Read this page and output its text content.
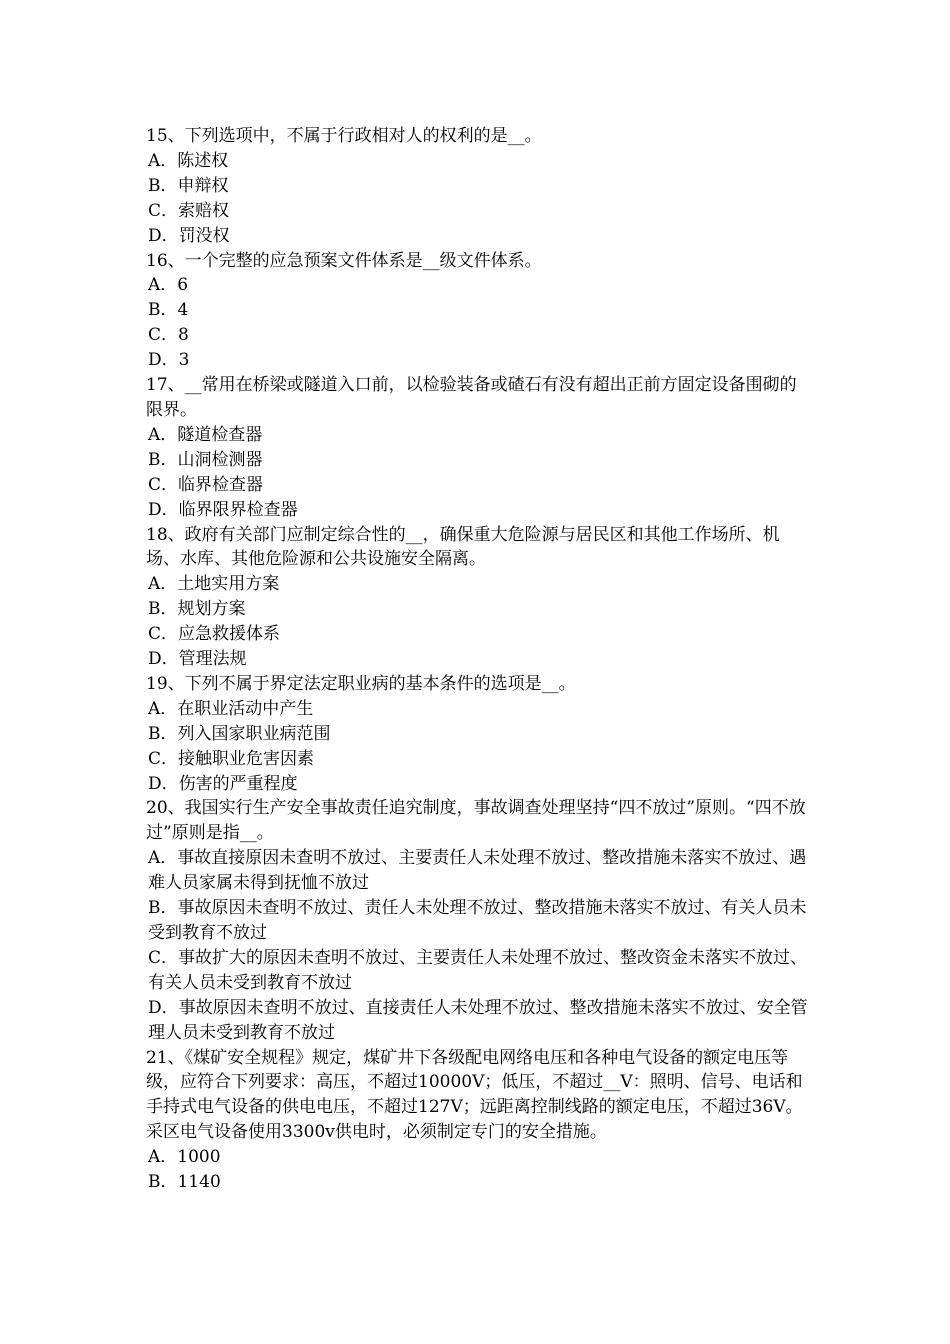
15、下列选项中，不属于行政相对人的权利的是__。

A．陈述权

B．申辩权

C．索赔权

D．罚没权

16、一个完整的应急预案文件体系是__级文件体系。

A．6

B．4

C．8

D．3

17、__常用在桥梁或隧道入口前，以检验装备或碴石有没有超出正前方固定设备围砌的限界。

A．隧道检查器

B．山洞检测器

C．临界检查器

D．临界限界检查器

18、政府有关部门应制定综合性的__，确保重大危险源与居民区和其他工作场所、机场、水库、其他危险源和公共设施安全隔离。

A．土地实用方案

B．规划方案

C．应急救援体系

D．管理法规

19、下列不属于界定法定职业病的基本条件的选项是__。

A．在职业活动中产生

B．列入国家职业病范围

C．接触职业危害因素

D．伤害的严重程度

20、我国实行生产安全事故责任追究制度，事故调查处理坚持“四不放过”原则。“四不放过”原则是指__。

A．事故直接原因未查明不放过、主要责任人未处理不放过、整改措施未落实不放过、遇难人员家属未得到抚恤不放过

B．事故原因未查明不放过、责任人未处理不放过、整改措施未落实不放过、有关人员未受到教育不放过

C．事故扩大的原因未查明不放过、主要责任人未处理不放过、整改资金未落实不放过、有关人员未受到教育不放过

D．事故原因未查明不放过、直接责任人未处理不放过、整改措施未落实不放过、安全管理人员未受到教育不放过

21、《煤矿安全规程》规定，煤矿井下各级配电网络电压和各种电气设备的额定电压等级，应符合下列要求：高压，不超过10000V；低压，不超过__V：照明、信号、电话和手持式电气设备的供电电压，不超过127V；远距离控制线路的额定电压，不超过36V。采区电气设备使用3300v供电时，必须制定专门的安全措施。

A．1000

B．1140
